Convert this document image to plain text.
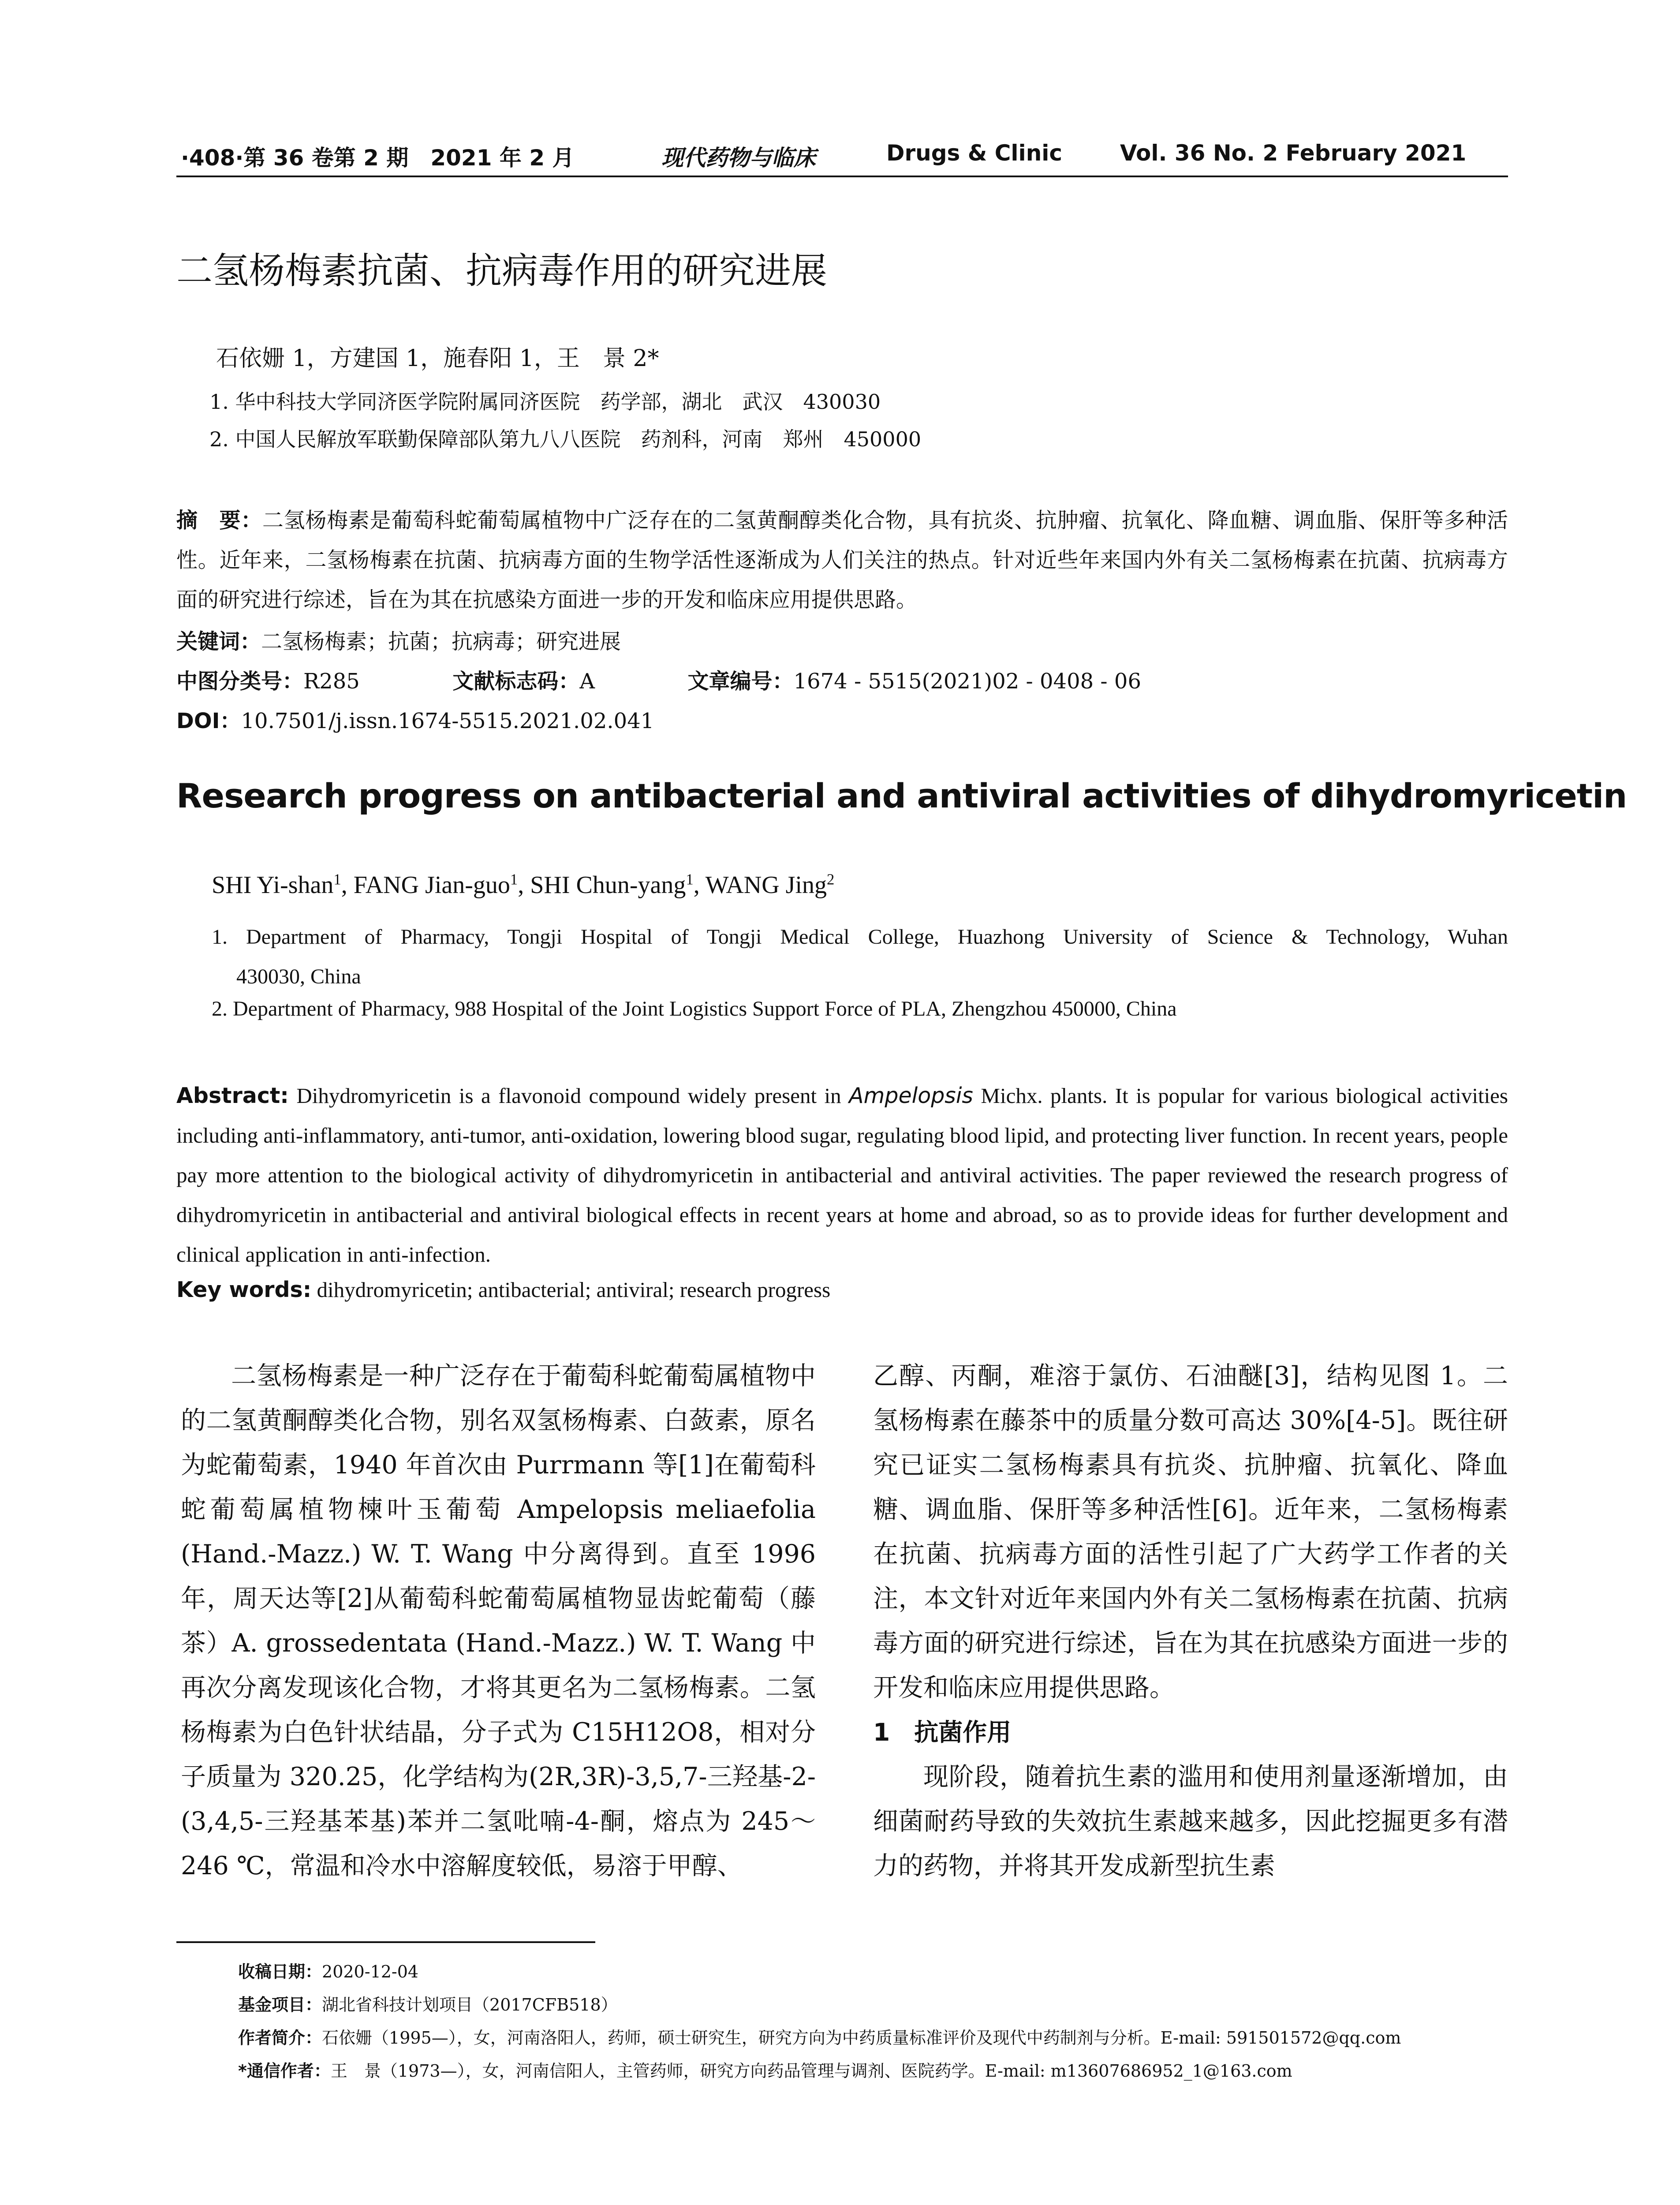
·408·第 36 卷第 2 期　2021 年 2 月	现代药物与临床	Drugs & Clinic	Vol. 36 No. 2 February 2021
二氢杨梅素抗菌、抗病毒作用的研究进展
石依姗 1，方建国 1，施春阳 1，王　景 2*
1. 华中科技大学同济医学院附属同济医院　药学部，湖北　武汉　430030
2. 中国人民解放军联勤保障部队第九八八医院　药剂科，河南　郑州　450000
摘　要：二氢杨梅素是葡萄科蛇葡萄属植物中广泛存在的二氢黄酮醇类化合物，具有抗炎、抗肿瘤、抗氧化、降血糖、调血脂、保肝等多种活性。近年来，二氢杨梅素在抗菌、抗病毒方面的生物学活性逐渐成为人们关注的热点。针对近些年来国内外有关二氢杨梅素在抗菌、抗病毒方面的研究进行综述，旨在为其在抗感染方面进一步的开发和临床应用提供思路。
关键词：二氢杨梅素；抗菌；抗病毒；研究进展
中图分类号：R285	文献标志码：A	文章编号：1674 - 5515(2021)02 - 0408 - 06
DOI：10.7501/j.issn.1674-5515.2021.02.041
Research progress on antibacterial and antiviral activities of dihydromyricetin
SHI Yi-shan$^1$, FANG Jian-guo$^1$, SHI Chun-yang$^1$, WANG Jing$^2$
1. Department of Pharmacy, Tongji Hospital of Tongji Medical College, Huazhong University of Science & Technology, Wuhan
430030, China
2. Department of Pharmacy, 988 Hospital of the Joint Logistics Support Force of PLA, Zhengzhou 450000, China
Abstract: Dihydromyricetin is a flavonoid compound widely present in Ampelopsis Michx. plants. It is popular for various biological activities including anti-inflammatory, anti-tumor, anti-oxidation, lowering blood sugar, regulating blood lipid, and protecting liver function. In recent years, people pay more attention to the biological activity of dihydromyricetin in antibacterial and antiviral activities. The paper reviewed the research progress of dihydromyricetin in antibacterial and antiviral biological effects in recent years at home and abroad, so as to provide ideas for further development and clinical application in anti-infection.
Key words: dihydromyricetin; antibacterial; antiviral; research progress

二氢杨梅素是一种广泛存在于葡萄科蛇葡萄属植物中的二氢黄酮醇类化合物，别名双氢杨梅素、白蔹素，原名为蛇葡萄素，1940 年首次由 Purrmann 等[1]在葡萄科蛇葡萄属植物楝叶玉葡萄 Ampelopsis meliaefolia (Hand.-Mazz.) W. T. Wang 中分离得到。直至 1996 年，周天达等[2]从葡萄科蛇葡萄属植物显齿蛇葡萄（藤茶）A. grossedentata (Hand.-Mazz.) W. T. Wang 中再次分离发现该化合物，才将其更名为二氢杨梅素。二氢杨梅素为白色针状结晶，分子式为 C15H12O8，相对分子质量为 320.25，化学结构为(2R,3R)-3,5,7-三羟基-2-(3,4,5-三羟基苯基)苯并二氢吡喃-4-酮，熔点为 245～246 ℃，常温和冷水中溶解度较低，易溶于甲醇、

乙醇、丙酮，难溶于氯仿、石油醚[3]，结构见图 1。二氢杨梅素在藤茶中的质量分数可高达 30%[4-5]。既往研究已证实二氢杨梅素具有抗炎、抗肿瘤、抗氧化、降血糖、调血脂、保肝等多种活性[6]。近年来，二氢杨梅素在抗菌、抗病毒方面的活性引起了广大药学工作者的关注，本文针对近年来国内外有关二氢杨梅素在抗菌、抗病毒方面的研究进行综述，旨在为其在抗感染方面进一步的开发和临床应用提供思路。

1　抗菌作用

现阶段，随着抗生素的滥用和使用剂量逐渐增加，由细菌耐药导致的失效抗生素越来越多，因此挖掘更多有潜力的药物，并将其开发成新型抗生素

收稿日期：2020-12-04
基金项目：湖北省科技计划项目（2017CFB518）
作者简介：石依姗（1995—），女，河南洛阳人，药师，硕士研究生，研究方向为中药质量标准评价及现代中药制剂与分析。E-mail: 591501572@qq.com
*通信作者：王　景（1973—），女，河南信阳人，主管药师，研究方向药品管理与调剂、医院药学。E-mail: m13607686952_1@163.com
